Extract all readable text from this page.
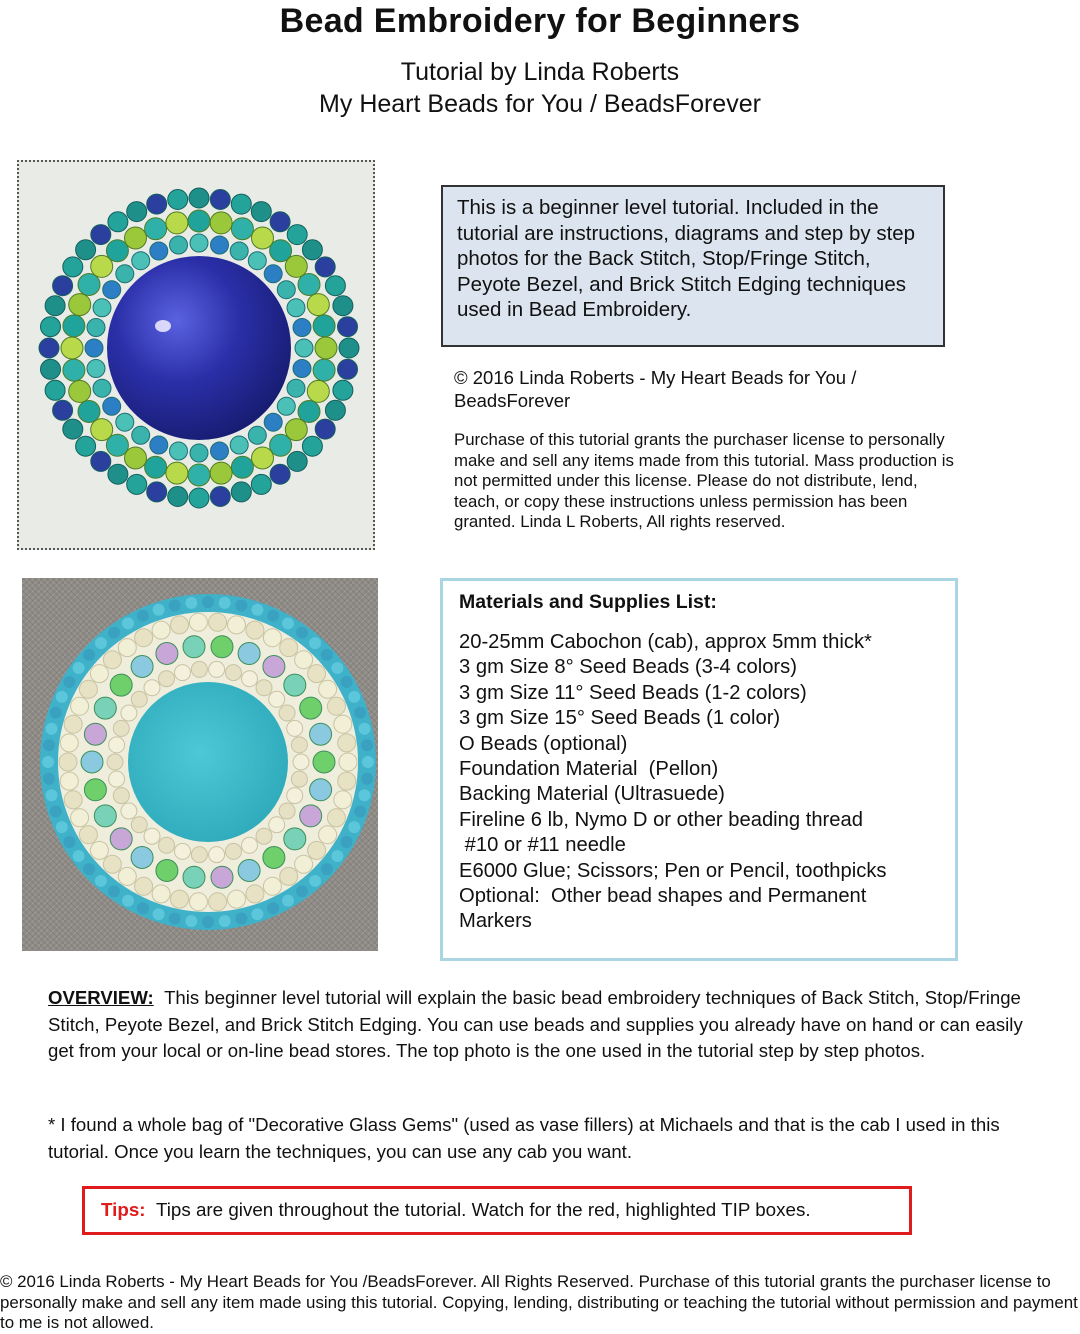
Bead Embroidery for Beginners
Tutorial by Linda Roberts
My Heart Beads for You / BeadsForever
This is a beginner level tutorial. Included in the tutorial are instructions, diagrams and step by step photos for the Back Stitch, Stop/Fringe Stitch, Peyote Bezel, and Brick Stitch Edging techniques used in Bead Embroidery.
© 2016 Linda Roberts - My Heart Beads for You / BeadsForever
Purchase of this tutorial grants the purchaser license to personally make and sell any items made from this tutorial. Mass production is not permitted under this license. Please do not distribute, lend, teach, or copy these instructions unless permission has been granted. Linda L Roberts, All rights reserved.
Materials and Supplies List:
20-25mm Cabochon (cab), approx 5mm thick*
3 gm Size 8° Seed Beads (3-4 colors)
3 gm Size 11° Seed Beads (1-2 colors)
3 gm Size 15° Seed Beads (1 color)
O Beads (optional)
Foundation Material  (Pellon)
Backing Material (Ultrasuede)
Fireline 6 lb, Nymo D or other beading thread
#10 or #11 needle
E6000 Glue; Scissors; Pen or Pencil, toothpicks
Optional:  Other bead shapes and Permanent
Markers
OVERVIEW: This beginner level tutorial will explain the basic bead embroidery techniques of Back Stitch, Stop/Fringe Stitch, Peyote Bezel, and Brick Stitch Edging. You can use beads and supplies you already have on hand or can easily get from your local or on-line bead stores. The top photo is the one used in the tutorial step by step photos.
* I found a whole bag of "Decorative Glass Gems" (used as vase fillers) at Michaels and that is the cab I used in this tutorial. Once you learn the techniques, you can use any cab you want.
Tips: Tips are given throughout the tutorial. Watch for the red, highlighted TIP boxes.
© 2016 Linda Roberts - My Heart Beads for You /BeadsForever. All Rights Reserved. Purchase of this tutorial grants the purchaser license to personally make and sell any item made using this tutorial. Copying, lending, distributing or teaching the tutorial without permission and payment to me is not allowed.
